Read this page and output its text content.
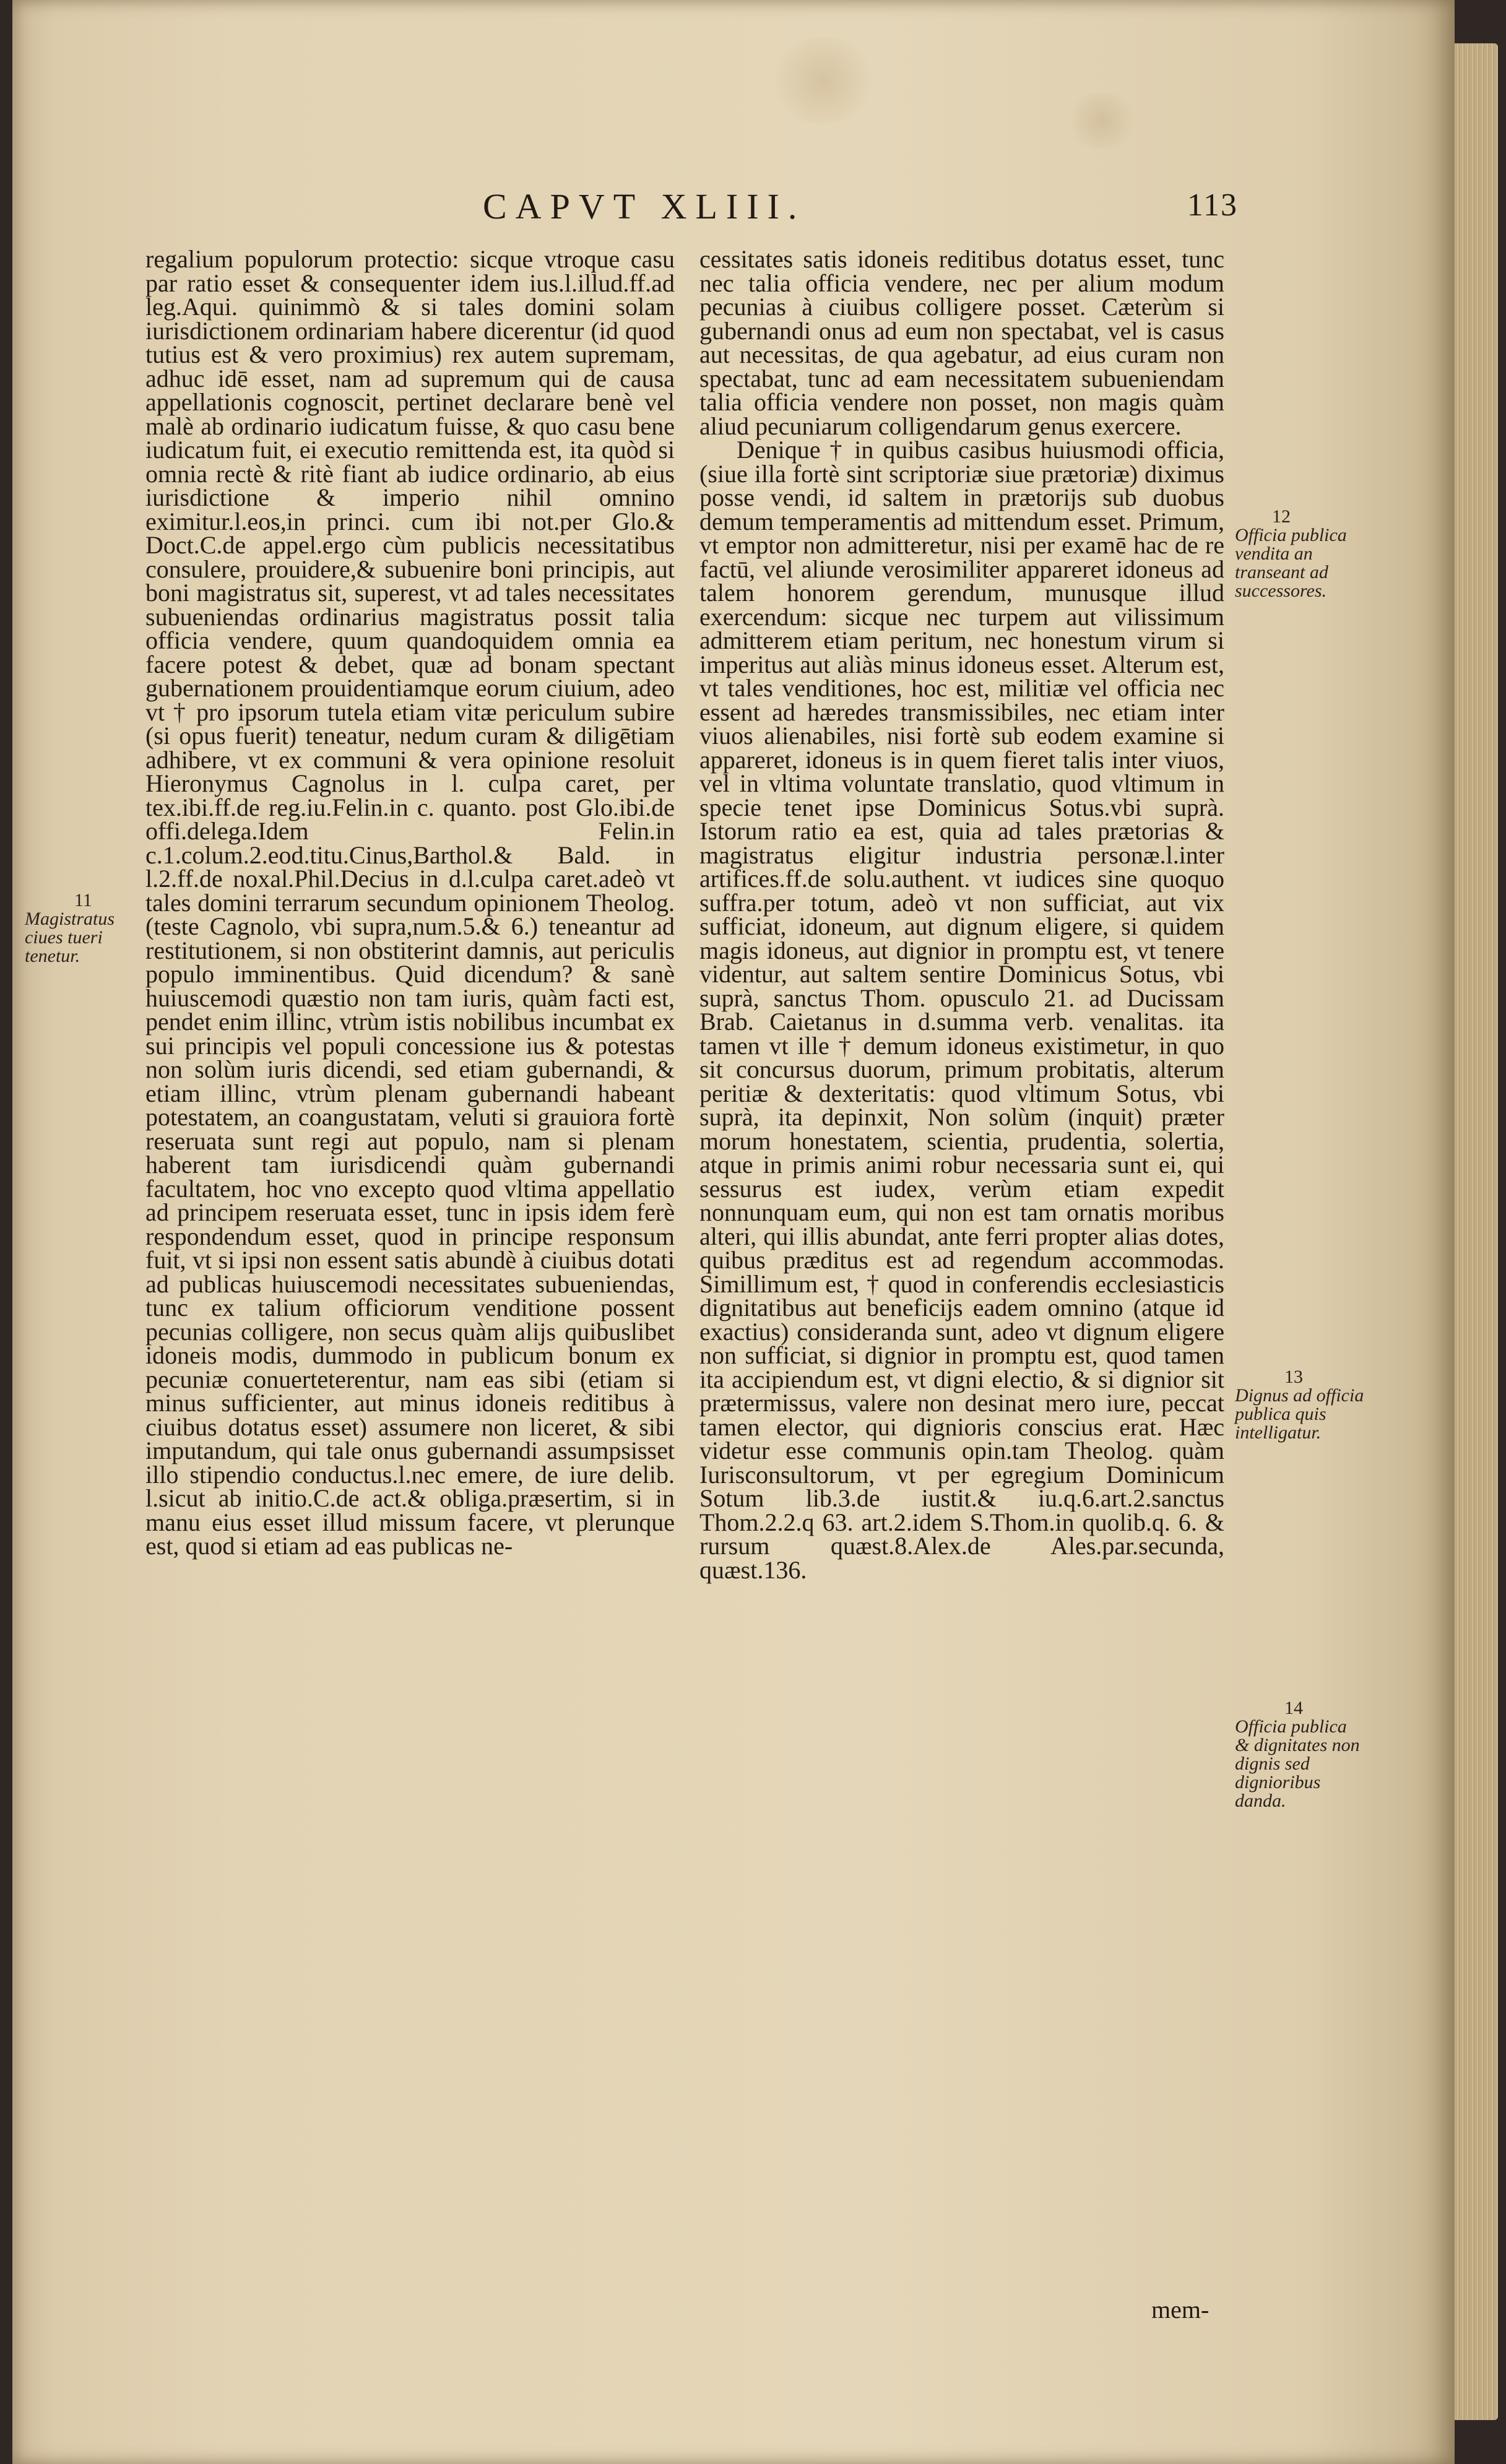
CAPVT XLIII.	113

regalium populorum protectio: sicque vtroque casu par ratio esset & consequenter idem ius.l.illud.ff.ad leg.Aqui. quinimmò & si tales domini solam iurisdictionem ordinariam habere dicerentur (id quod tutius est & vero proximius) rex autem supremam, adhuc idē esset, nam ad supremum qui de causa appellationis cognoscit, pertinet declarare benè vel malè ab ordinario iudicatum fuisse, & quo casu bene iudicatum fuit, ei executio remittenda est, ita quòd si omnia rectè & ritè fiant ab iudice ordinario, ab eius iurisdictione & imperio nihil omnino eximitur.l.eos,in princi. cum ibi not.per Glo.& Doct.C.de appel.ergo cùm publicis necessitatibus consulere, prouidere,& subuenire boni principis, aut boni magistratus sit, superest, vt ad tales necessitates subueniendas ordinarius magistratus possit talia officia vendere, quum quandoquidem omnia ea facere potest & debet, quæ ad bonam spectant gubernationem prouidentiamque eorum ciuium, adeo vt † pro ipsorum tutela etiam vitæ periculum subire (si opus fuerit) teneatur, nedum curam & diligētiam adhibere, vt ex communi & vera opinione resoluit Hieronymus Cagnolus in l. culpa caret, per tex.ibi.ff.de reg.iu.Felin.in c. quanto. post Glo.ibi.de offi.delega.Idem Felin.in c.1.colum.2.eod.titu.Cinus,Barthol.& Bald. in l.2.ff.de noxal.Phil.Decius in d.l.culpa caret.adeò vt tales domini terrarum secundum opinionem Theolog.(teste Cagnolo, vbi supra,num.5.& 6.) teneantur ad restitutionem, si non obstiterint damnis, aut periculis populo imminentibus. Quid dicendum? & sanè huiuscemodi quæstio non tam iuris, quàm facti est, pendet enim illinc, vtrùm istis nobilibus incumbat ex sui principis vel populi concessione ius & potestas non solùm iuris dicendi, sed etiam gubernandi, & etiam illinc, vtrùm plenam gubernandi habeant potestatem, an coangustatam, veluti si grauiora fortè reseruata sunt regi aut populo, nam si plenam haberent tam iurisdicendi quàm gubernandi facultatem, hoc vno excepto quod vltima appellatio ad principem reseruata esset, tunc in ipsis idem ferè respondendum esset, quod in principe responsum fuit, vt si ipsi non essent satis abundè à ciuibus dotati ad publicas huiuscemodi necessitates subueniendas, tunc ex talium officiorum venditione possent pecunias colligere, non secus quàm alijs quibuslibet idoneis modis, dummodo in publicum bonum ex pecuniæ conuerteterentur, nam eas sibi (etiam si minus sufficienter, aut minus idoneis reditibus à ciuibus dotatus esset) assumere non liceret, & sibi imputandum, qui tale onus gubernandi assumpsisset illo stipendio conductus.l.nec emere, de iure delib. l.sicut ab initio.C.de act.& obliga.præsertim, si in manu eius esset illud missum facere, vt plerunque est, quod si etiam ad eas publicas ne-

cessitates satis idoneis reditibus dotatus esset, tunc nec talia officia vendere, nec per alium modum pecunias à ciuibus colligere posset. Cæterùm si gubernandi onus ad eum non spectabat, vel is casus aut necessitas, de qua agebatur, ad eius curam non spectabat, tunc ad eam necessitatem subueniendam talia officia vendere non posset, non magis quàm aliud pecuniarum colligendarum genus exercere.

Denique † in quibus casibus huiusmodi officia, (siue illa fortè sint scriptoriæ siue prætoriæ) diximus posse vendi, id saltem in prætorijs sub duobus demum temperamentis ad mittendum esset. Primum, vt emptor non admitteretur, nisi per examē hac de re factū, vel aliunde verosimiliter appareret idoneus ad talem honorem gerendum, munusque illud exercendum: sicque nec turpem aut vilissimum admitterem etiam peritum, nec honestum virum si imperitus aut aliàs minus idoneus esset. Alterum est, vt tales venditiones, hoc est, militiæ vel officia nec essent ad hæredes transmissibiles, nec etiam inter viuos alienabiles, nisi fortè sub eodem examine si appareret, idoneus is in quem fieret talis inter viuos, vel in vltima voluntate translatio, quod vltimum in specie tenet ipse Dominicus Sotus.vbi suprà. Istorum ratio ea est, quia ad tales prætorias & magistratus eligitur industria personæ.l.inter artifices.ff.de solu.authent. vt iudices sine quoquo suffra.per totum, adeò vt non sufficiat, aut vix sufficiat, idoneum, aut dignum eligere, si quidem magis idoneus, aut dignior in promptu est, vt tenere videntur, aut saltem sentire Dominicus Sotus, vbi suprà, sanctus Thom. opusculo 21. ad Ducissam Brab. Caietanus in d.summa verb. venalitas. ita tamen vt ille † demum idoneus existimetur, in quo sit concursus duorum, primum probitatis, alterum peritiæ & dexteritatis: quod vltimum Sotus, vbi suprà, ita depinxit, Non solùm (inquit) præter morum honestatem, scientia, prudentia, solertia, atque in primis animi robur necessaria sunt ei, qui sessurus est iudex, verùm etiam expedit nonnunquam eum, qui non est tam ornatis moribus alteri, qui illis abundat, ante ferri propter alias dotes, quibus præditus est ad regendum accommodas. Simillimum est, † quod in conferendis ecclesiasticis dignitatibus aut beneficijs eadem omnino (atque id exactius) consideranda sunt, adeo vt dignum eligere non sufficiat, si dignior in promptu est, quod tamen ita accipiendum est, vt digni electio, & si dignior sit prætermissus, valere non desinat mero iure, peccat tamen elector, qui dignioris conscius erat. Hæc videtur esse communis opin.tam Theolog. quàm Iurisconsultorum, vt per egregium Dominicum Sotum lib.3.de iustit.& iu.q.6.art.2.sanctus Thom.2.2.q 63. art.2.idem S.Thom.in quolib.q. 6. & rursum quæst.8.Alex.de Ales.par.secunda, quæst.136.

11
Magistratus ciues tueri tenetur.
12
Officia publica vendita an transeant ad successores.
13
Dignus ad officia publica quis intelligatur.
14
Officia publica & dignitates non dignis sed dignioribus danda.
mem-
